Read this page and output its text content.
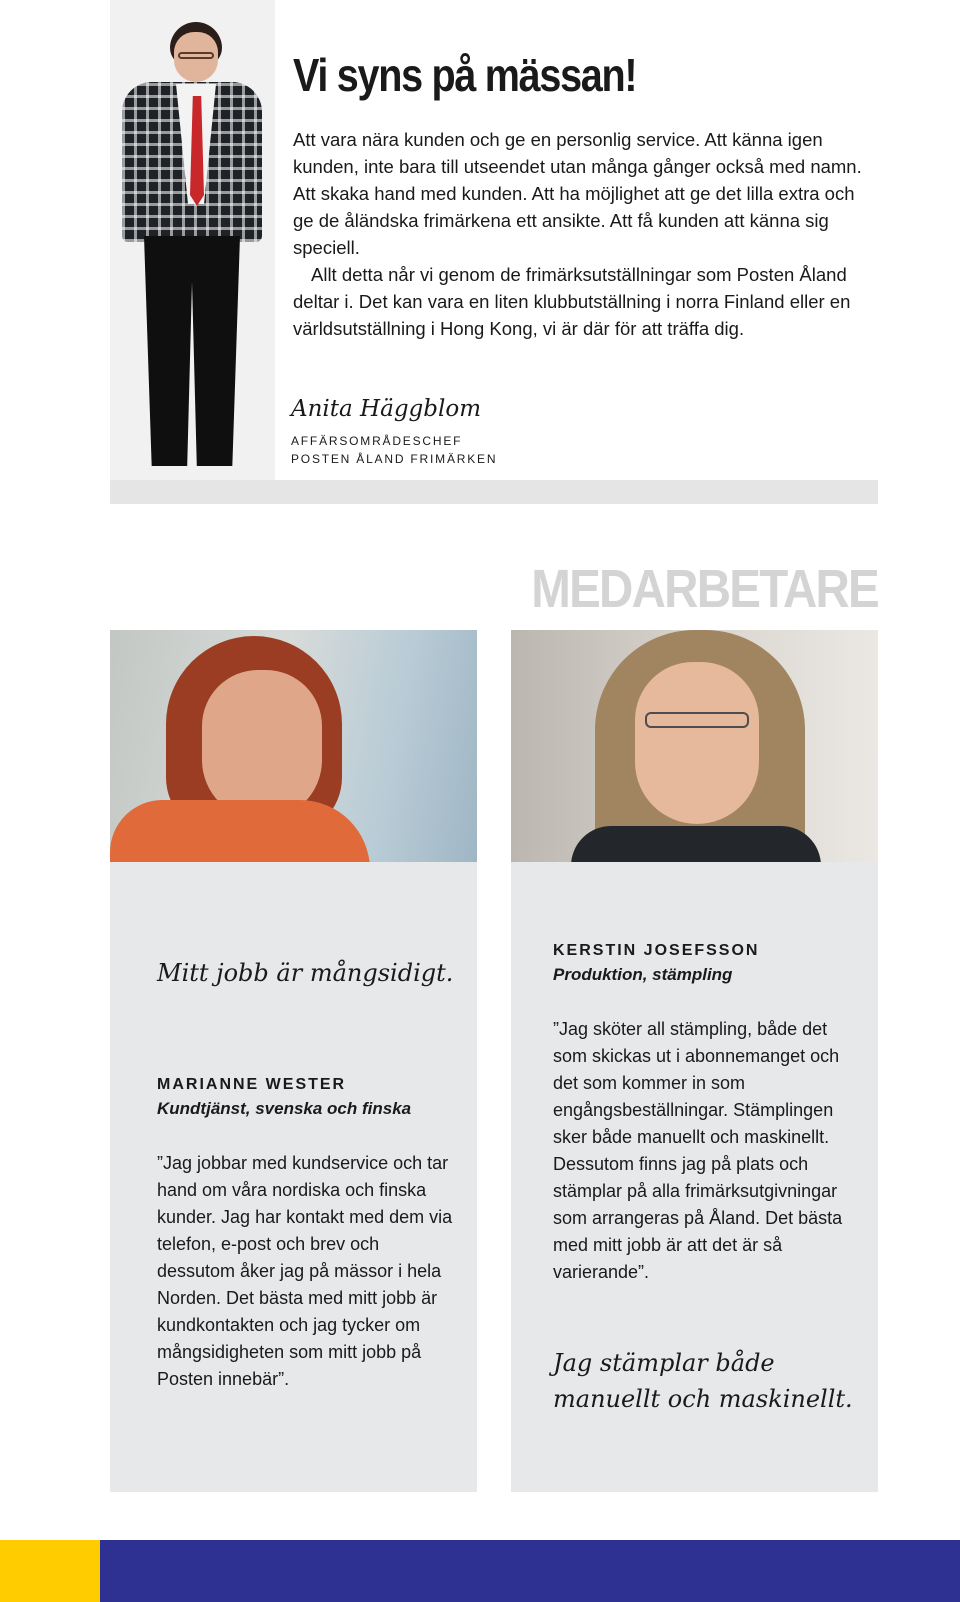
Vi syns på mässan!

Att vara nära kunden och ge en personlig service. Att känna igen kunden, inte bara till utseendet utan många gånger också med namn. Att skaka hand med kunden. Att ha möjlighet att ge det lilla extra och ge de åländska frimärkena ett ansikte. Att få kunden att känna sig speciell.

Allt detta når vi genom de frimärksutställningar som Posten Åland deltar i. Det kan vara en liten klubbutställning i norra Finland eller en världsutställning i Hong Kong, vi är där för att träffa dig.

Anita Häggblom
AFFÄRSOMRÅDESCHEF
POSTEN ÅLAND FRIMÄRKEN
MEDARBETARE
Mitt jobb är mångsidigt.
MARIANNE WESTER
Kundtjänst, svenska och finska
”Jag jobbar med kundservice och tar hand om våra nordiska och finska kunder. Jag har kontakt med dem via telefon, e-post och brev och dessutom åker jag på mässor i hela Norden. Det bästa med mitt jobb är kundkontakten och jag tycker om mångsidigheten som mitt jobb på Posten innebär”.
KERSTIN JOSEFSSON
Produktion, stämpling
”Jag sköter all stämpling, både det som skickas ut i abonnemanget och det som kommer in som engångsbeställningar. Stämplingen sker både manuellt och maskinellt. Dessutom finns jag på plats och stämplar på alla frimärksutgivningar som arrangeras på Åland. Det bästa med mitt jobb är att det är så varierande”.
Jag stämplar både manuellt och maskinellt.
